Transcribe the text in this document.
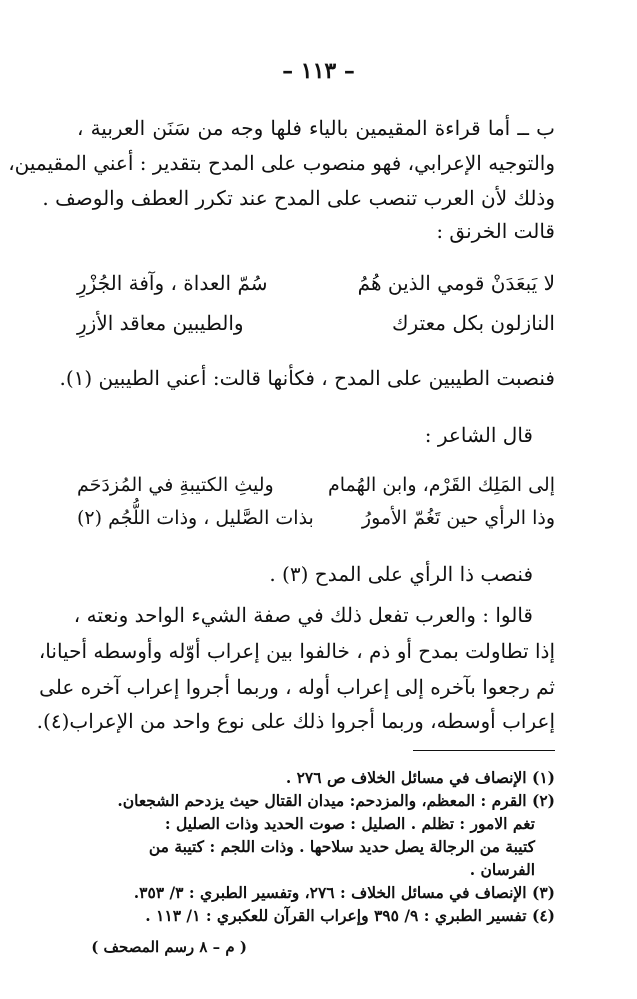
– ١١٣ –
ب ــ أما قراءة المقيمين بالياء فلها وجه من سَنَن العربية ،
والتوجيه الإعرابي، فهو منصوب على المدح بتقدير : أعني المقيمين،
وذلك لأن العرب تنصب على المدح عند تكرر العطف والوصف .
قالت الخرنق :
لا يَبعَدَنْ قومي الذين هُمُ
سُمّ العداة ، وآفة الجُزْرِ
النازلون بكل معترك
والطيبين معاقد الأزرِ
فنصبت الطيبين على المدح ، فكأنها قالت: أعني الطيبين (١).
قال الشاعر :
إلى المَلِك القَرْم، وابن الهُمام
وليثِ الكتيبةِ في المُزدَحَم
وذا الرأي حين تَغُمّ الأمورُ
بذات الصَّليل ، وذات اللُّجُم (٢)
فنصب ذا الرأي على المدح (٣) .
قالوا : والعرب تفعل ذلك في صفة الشيء الواحد ونعته ،
إذا تطاولت بمدح أو ذم ، خالفوا بين إعراب أوّله وأوسطه أحيانا،
ثم رجعوا بآخره إلى إعراب أوله ، وربما أجروا إعراب آخره على
إعراب أوسطه، وربما أجروا ذلك على نوع واحد من الإعراب(٤).
(١) الإنصاف في مسائل الخلاف ص ٢٧٦ .
(٢) القرم : المعظم، والمزدحم: ميدان القتال حيث يزدحم الشجعان.
تغم الامور : تظلم . الصليل : صوت الحديد وذات الصليل :
كتيبة من الرجالة يصل حديد سلاحها . وذات اللجم : كتيبة من
الفرسان .
(٣) الإنصاف في مسائل الخلاف : ٢٧٦، وتفسير الطبري : ٣/ ٣٥٣.
(٤) تفسير الطبري : ٩/ ٣٩٥ وإعراب القرآن للعكبري : ١/ ١١٣ .
( م – ٨ رسم المصحف )
